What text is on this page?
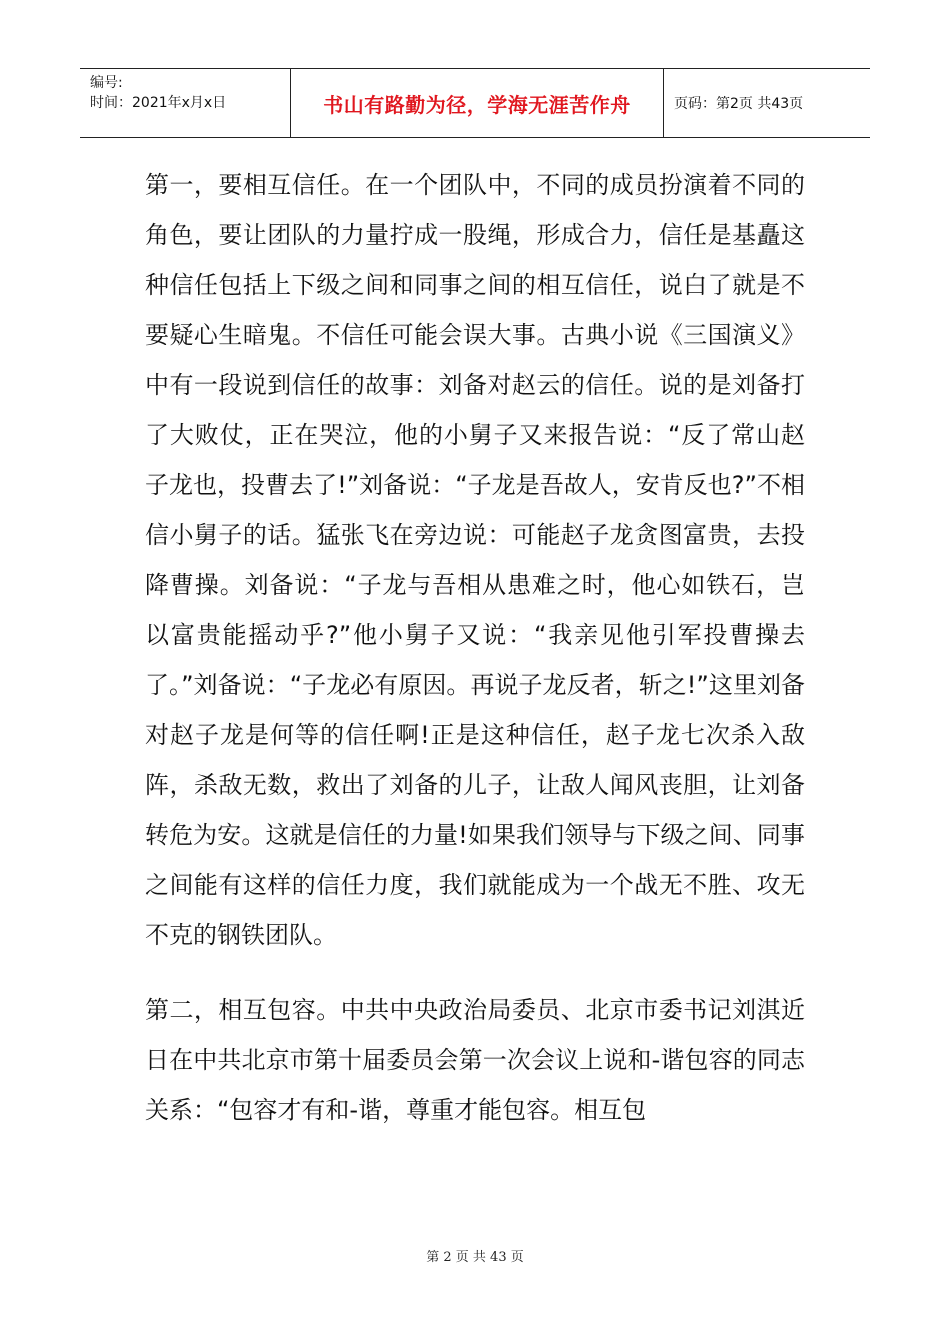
编号:
时间：2021年x月x日	书山有路勤为径，学海无涯苦作舟	页码：第2页 共43页

第一，要相互信任。在一个团队中，不同的成员扮演着不同的角色，要让团队的力量拧成一股绳，形成合力，信任是基矗这种信任包括上下级之间和同事之间的相互信任，说白了就是不要疑心生暗鬼。不信任可能会误大事。古典小说《三国演义》中有一段说到信任的故事：刘备对赵云的信任。说的是刘备打了大败仗，正在哭泣，他的小舅子又来报告说：“反了常山赵子龙也，投曹去了!”刘备说：“子龙是吾故人，安肯反也?”不相信小舅子的话。猛张飞在旁边说：可能赵子龙贪图富贵，去投降曹操。刘备说：“子龙与吾相从患难之时，他心如铁石，岂以富贵能摇动乎?”他小舅子又说：“我亲见他引军投曹操去了。”刘备说：“子龙必有原因。再说子龙反者，斩之!”这里刘备对赵子龙是何等的信任啊!正是这种信任，赵子龙七次杀入敌阵，杀敌无数，救出了刘备的儿子，让敌人闻风丧胆，让刘备转危为安。这就是信任的力量!如果我们领导与下级之间、同事之间能有这样的信任力度，我们就能成为一个战无不胜、攻无不克的钢铁团队。

第二，相互包容。中共中央政治局委员、北京市委书记刘淇近日在中共北京市第十届委员会第一次会议上说和-谐包容的同志关系：“包容才有和-谐，尊重才能包容。相互包

第 2 页 共 43 页
